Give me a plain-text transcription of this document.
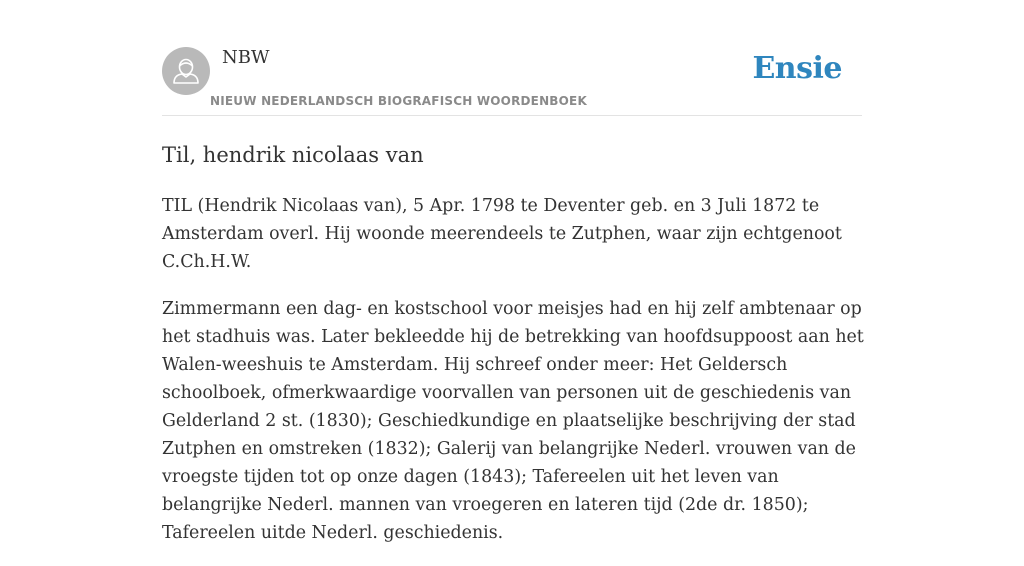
NBW
NIEUW NEDERLANDSCH BIOGRAFISCH WOORDENBOEK
Ensie
Til, hendrik nicolaas van

TIL (Hendrik Nicolaas van), 5 Apr. 1798 te Deventer geb. en 3 Juli 1872 te Amsterdam overl. Hij woonde meerendeels te Zutphen, waar zijn echtgenoot C.Ch.H.W.

Zimmermann een dag- en kostschool voor meisjes had en hij zelf ambtenaar op het stadhuis was. Later bekleedde hij de betrekking van hoofdsuppoost aan het Walen-weeshuis te Amsterdam. Hij schreef onder meer: Het Geldersch schoolboek, ofmerkwaardige voorvallen van personen uit de geschiedenis van Gelderland 2 st. (1830); Geschiedkundige en plaatselijke beschrijving der stad Zutphen en omstreken (1832); Galerij van belangrijke Nederl. vrouwen van de vroegste tijden tot op onze dagen (1843); Tafereelen uit het leven van belangrijke Nederl. mannen van vroegeren en lateren tijd (2de dr. 1850); Tafereelen uitde Nederl. geschiedenis.
